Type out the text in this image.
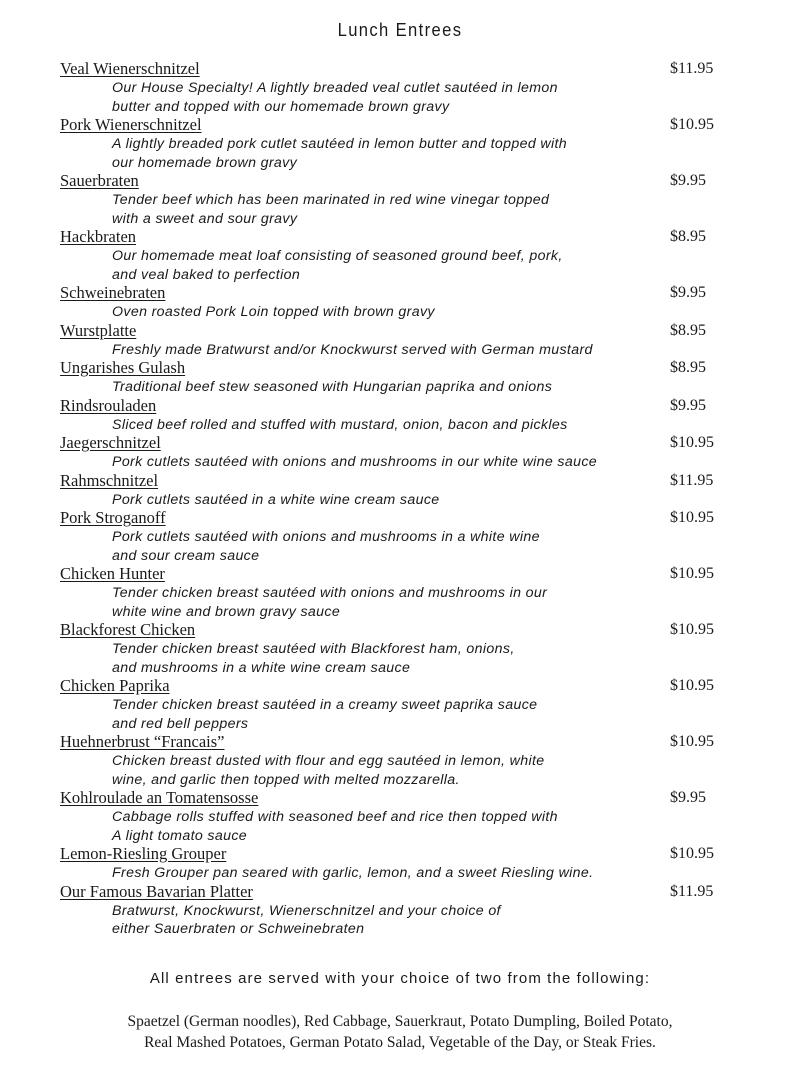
Lunch Entrees
Veal Wienerschnitzel	$11.95
Our House Specialty! A lightly breaded veal cutlet sautéed in lemon
butter and topped with our homemade brown gravy
Pork Wienerschnitzel	$10.95
A lightly breaded pork cutlet sautéed in lemon butter and topped with
our homemade brown gravy
Sauerbraten	$9.95
Tender beef which has been marinated in red wine vinegar topped
with a sweet and sour gravy
Hackbraten	$8.95
Our homemade meat loaf consisting of seasoned ground beef, pork,
and veal baked to perfection
Schweinebraten	$9.95
Oven roasted Pork Loin topped with brown gravy
Wurstplatte	$8.95
Freshly made Bratwurst and/or Knockwurst served with German mustard
Ungarishes Gulash	$8.95
Traditional beef stew seasoned with Hungarian paprika and onions
Rindsrouladen	$9.95
Sliced beef rolled and stuffed with mustard, onion, bacon and pickles
Jaegerschnitzel	$10.95
Pork cutlets sautéed with onions and mushrooms in our white wine sauce
Rahmschnitzel	$11.95
Pork cutlets sautéed in a white wine cream sauce
Pork Stroganoff	$10.95
Pork cutlets sautéed with onions and mushrooms in a white wine
and sour cream sauce
Chicken Hunter	$10.95
Tender chicken breast sautéed with onions and mushrooms in our
white wine and brown gravy sauce
Blackforest Chicken	$10.95
Tender chicken breast sautéed with Blackforest ham, onions,
and mushrooms in a white wine cream sauce
Chicken Paprika	$10.95
Tender chicken breast sautéed in a creamy sweet paprika sauce
and red bell peppers
Huehnerbrust “Francais”	$10.95
Chicken breast dusted with flour and egg sautéed in lemon, white
wine, and garlic then topped with melted mozzarella.
Kohlroulade an Tomatensosse	$9.95
Cabbage rolls stuffed with seasoned beef and rice then topped with
A light tomato sauce
Lemon-Riesling Grouper	$10.95
Fresh Grouper pan seared with garlic, lemon, and a sweet Riesling wine.
Our Famous Bavarian Platter	$11.95
Bratwurst, Knockwurst, Wienerschnitzel and your choice of
either Sauerbraten or Schweinebraten
All entrees are served with your choice of two from the following:
Spaetzel (German noodles), Red Cabbage, Sauerkraut, Potato Dumpling, Boiled Potato,
Real Mashed Potatoes, German Potato Salad, Vegetable of the Day, or Steak Fries.
